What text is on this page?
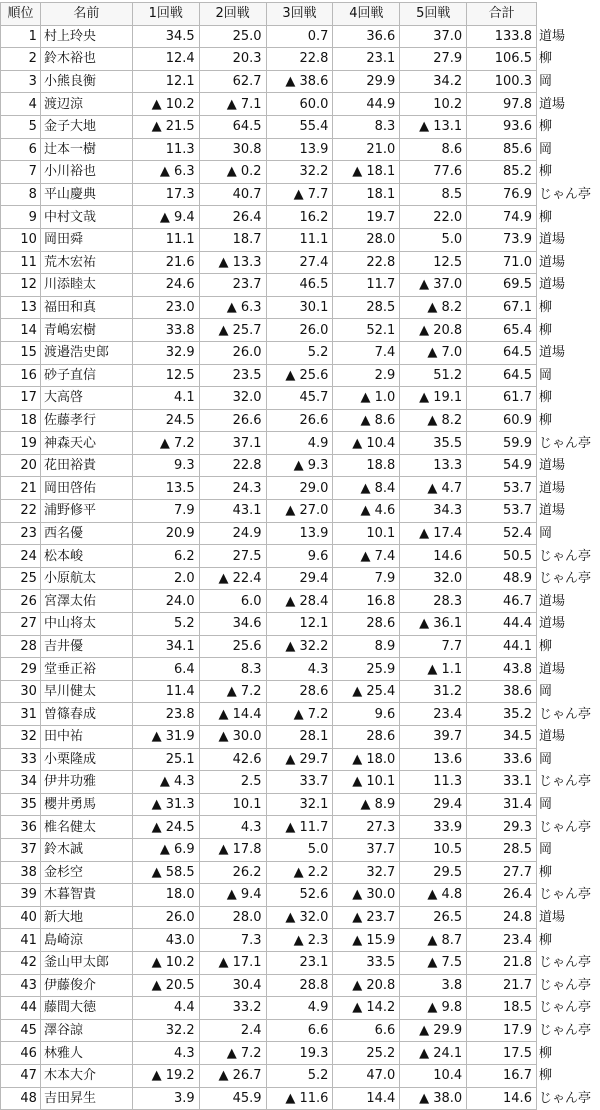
順位	名前	1回戦	2回戦	3回戦	4回戦	5回戦	合計	
1	村上玲央	34.5	25.0	0.7	36.6	37.0	133.8	道場
2	鈴木裕也	12.4	20.3	22.8	23.1	27.9	106.5	柳
3	小熊良衡	12.1	62.7	▲ 38.6	29.9	34.2	100.3	岡
4	渡辺涼	▲ 10.2	▲ 7.1	60.0	44.9	10.2	97.8	道場
5	金子大地	▲ 21.5	64.5	55.4	8.3	▲ 13.1	93.6	柳
6	辻本一樹	11.3	30.8	13.9	21.0	8.6	85.6	岡
7	小川裕也	▲ 6.3	▲ 0.2	32.2	▲ 18.1	77.6	85.2	柳
8	平山慶典	17.3	40.7	▲ 7.7	18.1	8.5	76.9	じゃん亭
9	中村文哉	▲ 9.4	26.4	16.2	19.7	22.0	74.9	柳
10	岡田舜	11.1	18.7	11.1	28.0	5.0	73.9	道場
11	荒木宏祐	21.6	▲ 13.3	27.4	22.8	12.5	71.0	道場
12	川添睦太	24.6	23.7	46.5	11.7	▲ 37.0	69.5	道場
13	福田和真	23.0	▲ 6.3	30.1	28.5	▲ 8.2	67.1	柳
14	青嶋宏樹	33.8	▲ 25.7	26.0	52.1	▲ 20.8	65.4	柳
15	渡邉浩史郎	32.9	26.0	5.2	7.4	▲ 7.0	64.5	道場
16	砂子直信	12.5	23.5	▲ 25.6	2.9	51.2	64.5	岡
17	大高啓	4.1	32.0	45.7	▲ 1.0	▲ 19.1	61.7	柳
18	佐藤孝行	24.5	26.6	26.6	▲ 8.6	▲ 8.2	60.9	柳
19	神森天心	▲ 7.2	37.1	4.9	▲ 10.4	35.5	59.9	じゃん亭
20	花田裕貴	9.3	22.8	▲ 9.3	18.8	13.3	54.9	道場
21	岡田啓佑	13.5	24.3	29.0	▲ 8.4	▲ 4.7	53.7	道場
22	浦野修平	7.9	43.1	▲ 27.0	▲ 4.6	34.3	53.7	道場
23	西名優	20.9	24.9	13.9	10.1	▲ 17.4	52.4	岡
24	松本峻	6.2	27.5	9.6	▲ 7.4	14.6	50.5	じゃん亭
25	小原航太	2.0	▲ 22.4	29.4	7.9	32.0	48.9	じゃん亭
26	宮澤太佑	24.0	6.0	▲ 28.4	16.8	28.3	46.7	道場
27	中山将太	5.2	34.6	12.1	28.6	▲ 36.1	44.4	道場
28	吉井優	34.1	25.6	▲ 32.2	8.9	7.7	44.1	柳
29	堂垂正裕	6.4	8.3	4.3	25.9	▲ 1.1	43.8	道場
30	早川健太	11.4	▲ 7.2	28.6	▲ 25.4	31.2	38.6	岡
31	曽篠春成	23.8	▲ 14.4	▲ 7.2	9.6	23.4	35.2	じゃん亭
32	田中祐	▲ 31.9	▲ 30.0	28.1	28.6	39.7	34.5	道場
33	小栗隆成	25.1	42.6	▲ 29.7	▲ 18.0	13.6	33.6	岡
34	伊井功雅	▲ 4.3	2.5	33.7	▲ 10.1	11.3	33.1	じゃん亭
35	櫻井勇馬	▲ 31.3	10.1	32.1	▲ 8.9	29.4	31.4	岡
36	椎名健太	▲ 24.5	4.3	▲ 11.7	27.3	33.9	29.3	じゃん亭
37	鈴木誠	▲ 6.9	▲ 17.8	5.0	37.7	10.5	28.5	岡
38	金杉空	▲ 58.5	26.2	▲ 2.2	32.7	29.5	27.7	柳
39	木暮智貴	18.0	▲ 9.4	52.6	▲ 30.0	▲ 4.8	26.4	じゃん亭
40	新大地	26.0	28.0	▲ 32.0	▲ 23.7	26.5	24.8	道場
41	島崎涼	43.0	7.3	▲ 2.3	▲ 15.9	▲ 8.7	23.4	柳
42	釜山甲太郎	▲ 10.2	▲ 17.1	23.1	33.5	▲ 7.5	21.8	じゃん亭
43	伊藤俊介	▲ 20.5	30.4	28.8	▲ 20.8	3.8	21.7	じゃん亭
44	藤間大徳	4.4	33.2	4.9	▲ 14.2	▲ 9.8	18.5	じゃん亭
45	澤谷諒	32.2	2.4	6.6	6.6	▲ 29.9	17.9	じゃん亭
46	林雅人	4.3	▲ 7.2	19.3	25.2	▲ 24.1	17.5	柳
47	木本大介	▲ 19.2	▲ 26.7	5.2	47.0	10.4	16.7	柳
48	吉田昇生	3.9	45.9	▲ 11.6	14.4	▲ 38.0	14.6	じゃん亭
